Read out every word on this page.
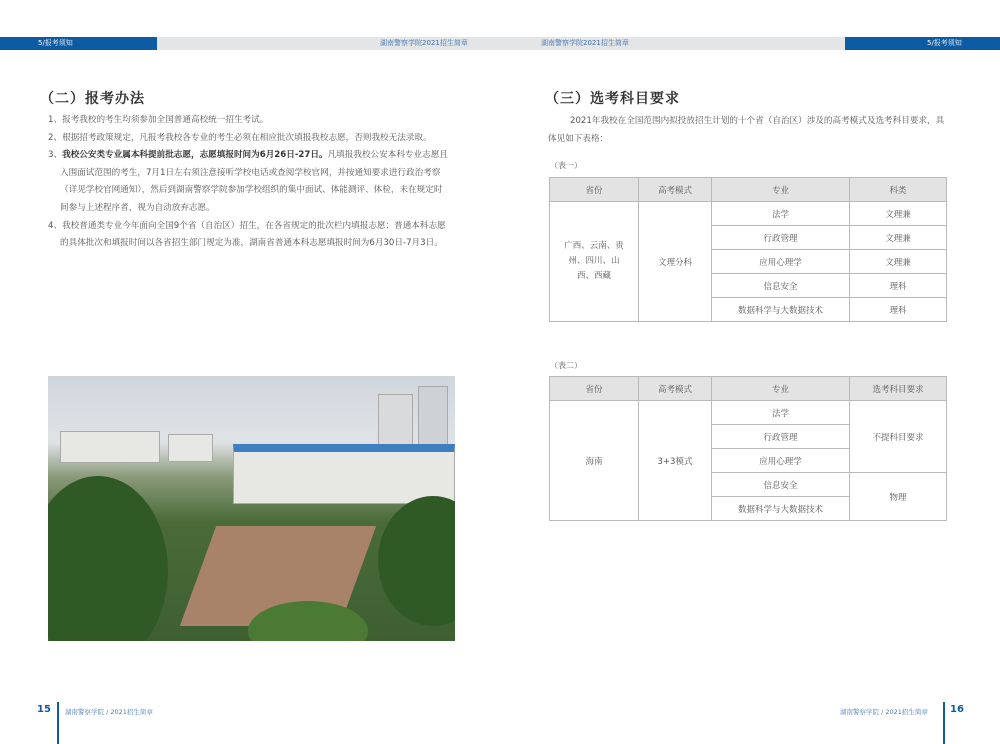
5/报考须知	5/报考须知
湖南警察学院2021招生简章	湖南警察学院2021招生简章
（二）报考办法
1、报考我校的考生均须参加全国普通高校统一招生考试。
2、根据招考政策规定，凡报考我校各专业的考生必须在相应批次填报我校志愿，否则我校无法录取。
3、我校公安类专业属本科提前批志愿，志愿填报时间为6月26日-27日。凡填报我校公安本科专业志愿且入围面试范围的考生，7月1日左右须注意接听学校电话或查阅学校官网，并按通知要求进行政治考察（详见学校官网通知），然后到湖南警察学院参加学校组织的集中面试、体能测评、体检，未在规定时间参与上述程序者，视为自动放弃志愿。
4、我校普通类专业今年面向全国9个省（自治区）招生，在各省规定的批次栏内填报志愿；普通本科志愿的具体批次和填报时间以各省招生部门规定为准，湖南省普通本科志愿填报时间为6月30日-7月3日。
（三）选考科目要求
2021年我校在全国范围内拟投放招生计划的十个省（自治区）涉及的高考模式及选考科目要求，具体见如下表格：
（表一）
省份	高考模式	专业	科类
广西、云南、贵州、四川、山西、西藏	文理分科	法学	文理兼
		行政管理	文理兼
		应用心理学	文理兼
		信息安全	理科
		数据科学与大数据技术	理科
（表二）
省份	高考模式	专业	选考科目要求
海南	3+3模式	法学	不提科目要求
		行政管理	
		应用心理学	
		信息安全	物理
		数据科学与大数据技术	
15 湖南警察学院 / 2021招生简章	湖南警察学院 / 2021招生简章 16
